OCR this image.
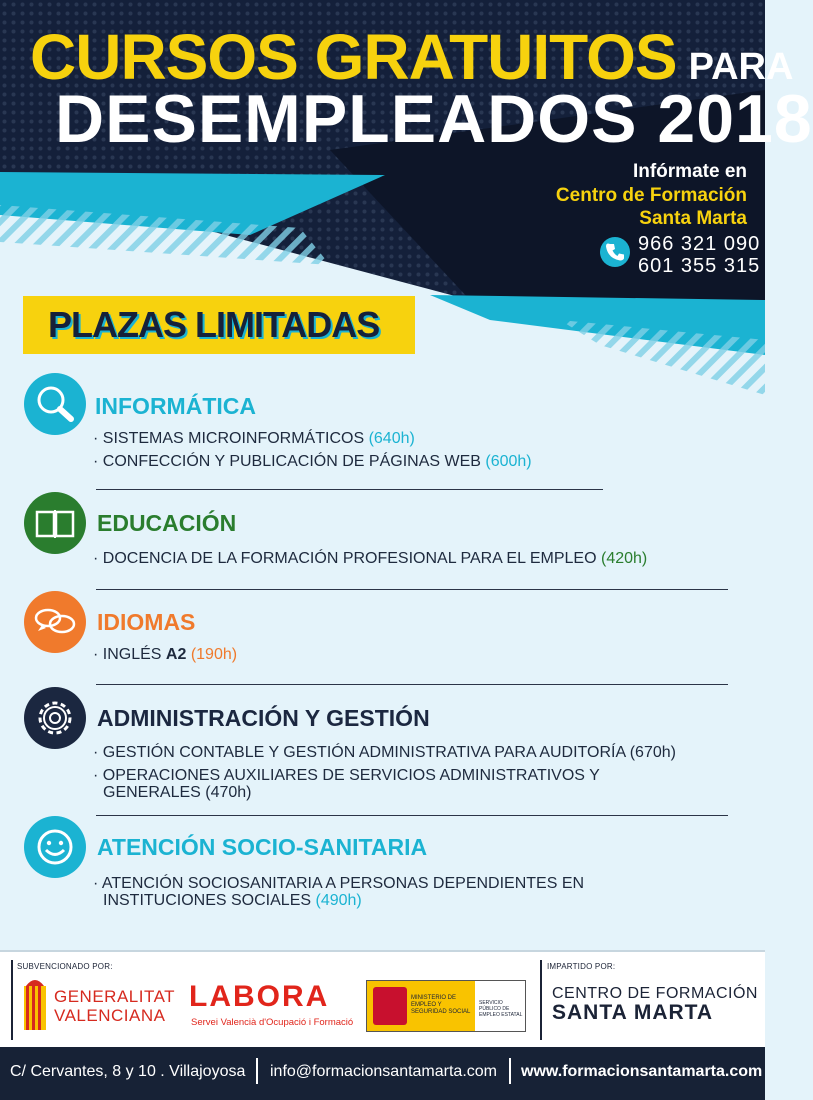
CURSOS GRATUITOS PARA
DESEMPLEADOS 2018
Infórmate en
Centro de Formación
Santa Marta
966 321 090
601 355 315
PLAZAS LIMITADAS
INFORMÁTICA
· SISTEMAS MICROINFORMÁTICOS (640h)
· CONFECCIÓN Y PUBLICACIÓN DE PÁGINAS WEB (600h)
EDUCACIÓN
· DOCENCIA DE LA FORMACIÓN PROFESIONAL PARA EL EMPLEO (420h)
IDIOMAS
· INGLÉS A2 (190h)
ADMINISTRACIÓN Y GESTIÓN
· GESTIÓN CONTABLE Y GESTIÓN ADMINISTRATIVA PARA AUDITORÍA (670h)
· OPERACIONES AUXILIARES DE SERVICIOS ADMINISTRATIVOS Y
GENERALES (470h)
ATENCIÓN SOCIO-SANITARIA
· ATENCIÓN SOCIOSANITARIA A PERSONAS DEPENDIENTES EN
INSTITUCIONES SOCIALES (490h)
SUBVENCIONADO POR:
GENERALITAT
VALENCIANA
LABORA
Servei Valencià d'Ocupació i Formació
MINISTERIO DE EMPLEO Y SEGURIDAD SOCIAL
SERVICIO PÚBLICO DE EMPLEO ESTATAL
IMPARTIDO POR:
CENTRO DE FORMACIÓN
SANTA MARTA
C/ Cervantes, 8 y 10 . Villajoyosa info@formacionsantamarta.com www.formacionsantamarta.com
